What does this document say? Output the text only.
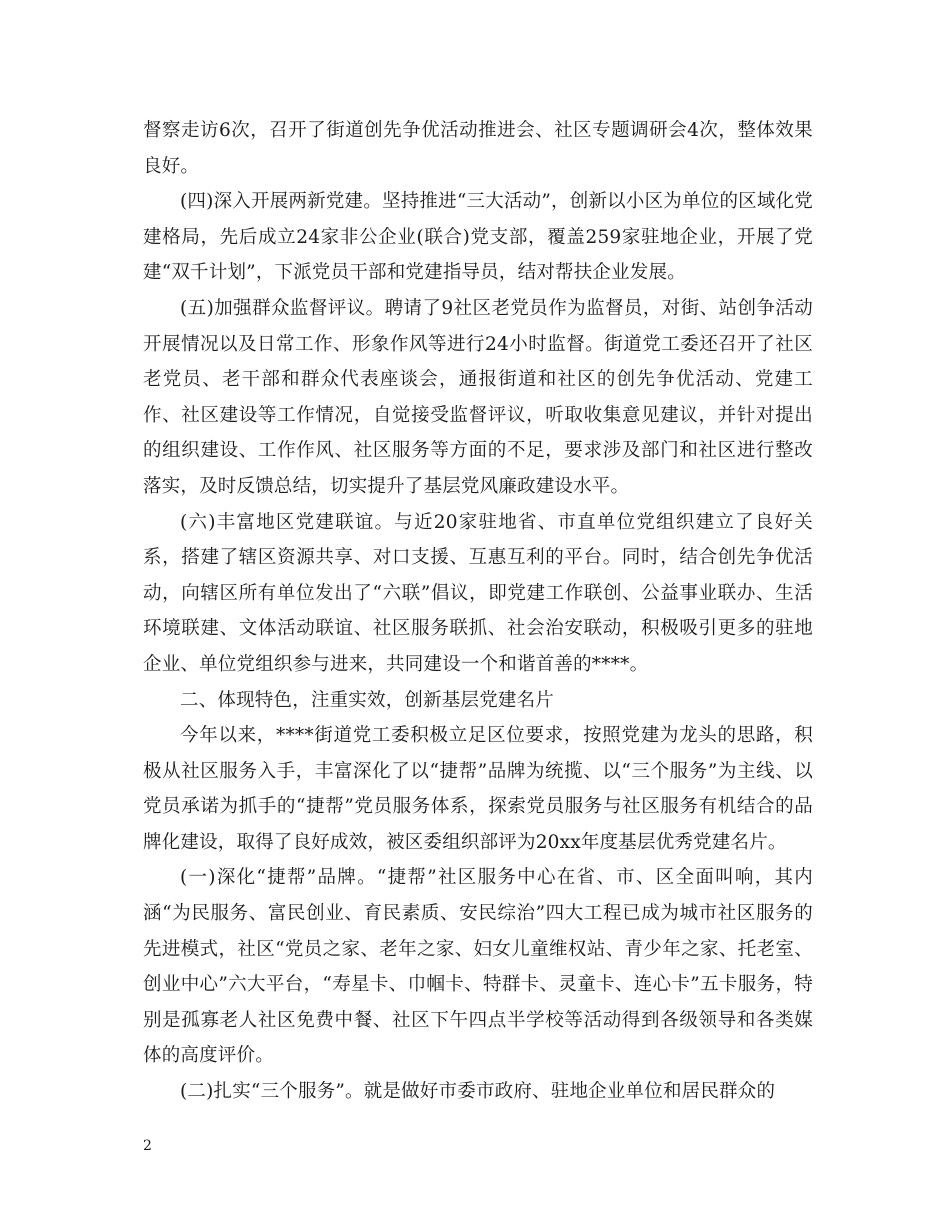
督察走访6次，召开了街道创先争优活动推进会、社区专题调研会4次，整体效果良好。

(四)深入开展两新党建。坚持推进“三大活动”，创新以小区为单位的区域化党建格局，先后成立24家非公企业(联合)党支部，覆盖259家驻地企业，开展了党建“双千计划”，下派党员干部和党建指导员，结对帮扶企业发展。

(五)加强群众监督评议。聘请了9社区老党员作为监督员，对街、站创争活动开展情况以及日常工作、形象作风等进行24小时监督。街道党工委还召开了社区老党员、老干部和群众代表座谈会，通报街道和社区的创先争优活动、党建工作、社区建设等工作情况，自觉接受监督评议，听取收集意见建议，并针对提出的组织建设、工作作风、社区服务等方面的不足，要求涉及部门和社区进行整改落实，及时反馈总结，切实提升了基层党风廉政建设水平。

(六)丰富地区党建联谊。与近20家驻地省、市直单位党组织建立了良好关系，搭建了辖区资源共享、对口支援、互惠互利的平台。同时，结合创先争优活动，向辖区所有单位发出了“六联”倡议，即党建工作联创、公益事业联办、生活环境联建、文体活动联谊、社区服务联抓、社会治安联动，积极吸引更多的驻地企业、单位党组织参与进来，共同建设一个和谐首善的****。

二、体现特色，注重实效，创新基层党建名片

今年以来，****街道党工委积极立足区位要求，按照党建为龙头的思路，积极从社区服务入手，丰富深化了以“捷帮”品牌为统揽、以“三个服务”为主线、以党员承诺为抓手的“捷帮”党员服务体系，探索党员服务与社区服务有机结合的品牌化建设，取得了良好成效，被区委组织部评为20xx年度基层优秀党建名片。

(一)深化“捷帮”品牌。“捷帮”社区服务中心在省、市、区全面叫响，其内涵“为民服务、富民创业、育民素质、安民综治”四大工程已成为城市社区服务的先进模式，社区“党员之家、老年之家、妇女儿童维权站、青少年之家、托老室、创业中心”六大平台，“寿星卡、巾帼卡、特群卡、灵童卡、连心卡”五卡服务，特别是孤寡老人社区免费中餐、社区下午四点半学校等活动得到各级领导和各类媒体的高度评价。

(二)扎实“三个服务”。就是做好市委市政府、驻地企业单位和居民群众的

2
